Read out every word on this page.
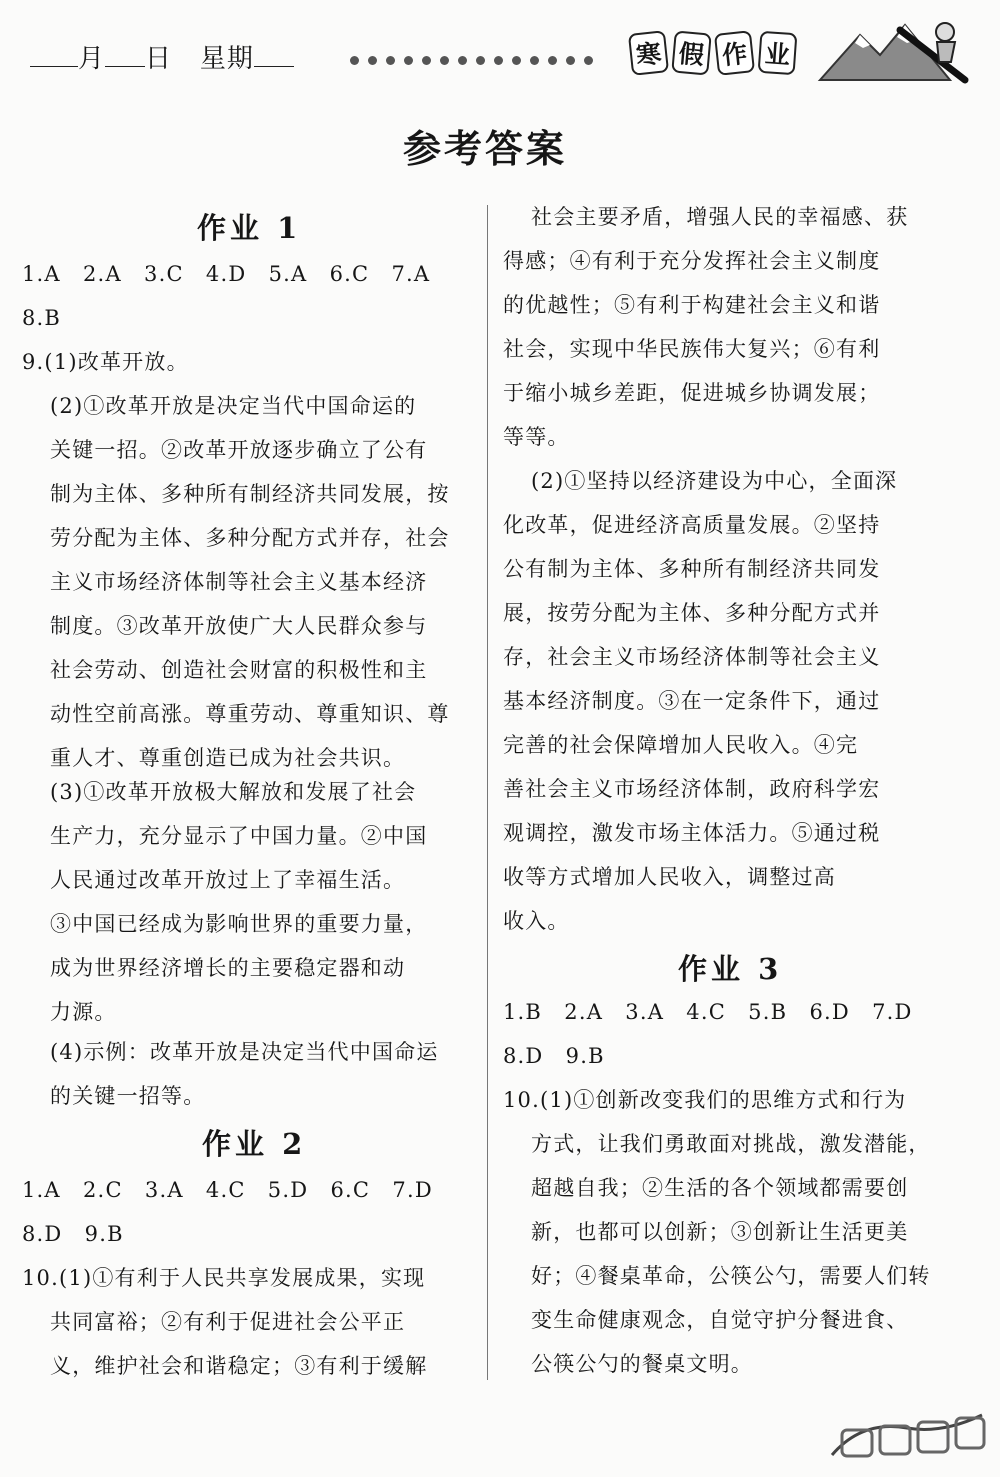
月 日 星期	寒 假 作 业
参考答案
作业 1
1.A　2.A　3.C　4.D　5.A　6.C　7.A
8.B
9.(1)改革开放。
(2)①改革开放是决定当代中国命运的
关键一招。②改革开放逐步确立了公有
制为主体、多种所有制经济共同发展，按
劳分配为主体、多种分配方式并存，社会
主义市场经济体制等社会主义基本经济
制度。③改革开放使广大人民群众参与
社会劳动、创造社会财富的积极性和主
动性空前高涨。尊重劳动、尊重知识、尊
重人才、尊重创造已成为社会共识。
(3)①改革开放极大解放和发展了社会
生产力，充分显示了中国力量。②中国
人民通过改革开放过上了幸福生活。
③中国已经成为影响世界的重要力量，
成为世界经济增长的主要稳定器和动
力源。
(4)示例：改革开放是决定当代中国命运
的关键一招等。
作业 2
1.A　2.C　3.A　4.C　5.D　6.C　7.D
8.D　9.B
10.(1)①有利于人民共享发展成果，实现
共同富裕；②有利于促进社会公平正
义，维护社会和谐稳定；③有利于缓解
社会主要矛盾，增强人民的幸福感、获
得感；④有利于充分发挥社会主义制度
的优越性；⑤有利于构建社会主义和谐
社会，实现中华民族伟大复兴；⑥有利
于缩小城乡差距，促进城乡协调发展；
等等。
(2)①坚持以经济建设为中心，全面深
化改革，促进经济高质量发展。②坚持
公有制为主体、多种所有制经济共同发
展，按劳分配为主体、多种分配方式并
存，社会主义市场经济体制等社会主义
基本经济制度。③在一定条件下，通过
完善的社会保障增加人民收入。④完
善社会主义市场经济体制，政府科学宏
观调控，激发市场主体活力。⑤通过税
收等方式增加人民收入，调整过高
收入。
作业 3
1.B　2.A　3.A　4.C　5.B　6.D　7.D
8.D　9.B
10.(1)①创新改变我们的思维方式和行为
方式，让我们勇敢面对挑战，激发潜能，
超越自我；②生活的各个领域都需要创
新，也都可以创新；③创新让生活更美
好；④餐桌革命，公筷公勺，需要人们转
变生命健康观念，自觉守护分餐进食、
公筷公勺的餐桌文明。
